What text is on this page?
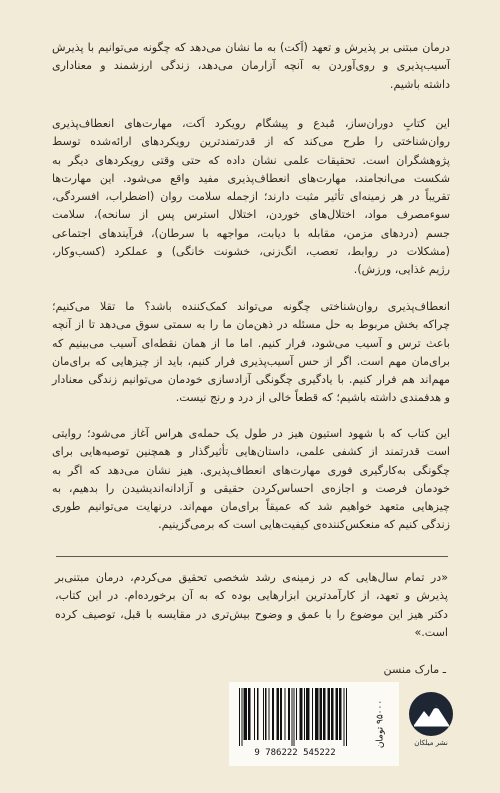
درمان مبتنی بر پذیرش و تعهد (اَکت) به ما نشان می‌دهد که چگونه می‌توانیم با پذیرش
آسیب‌پذیری و روی‌آوردن به آنچه آزارمان می‌دهد، زندگی ارزشمند و معناداری
داشته باشیم.
این کتابِ دوران‌ساز، مُبدع و پیشگام رویکرد اَکت، مهارت‌های انعطاف‌پذیری
روان‌شناختی را طرح می‌کند که از قدرتمندترین رویکردهای ارائه‌شده توسط
پژوهشگران است. تحقیقات علمی نشان داده که حتی وقتی رویکردهای دیگر به
شکست می‌انجامند، مهارت‌های انعطاف‌پذیری مفید واقع می‌شود. این مهارت‌ها
تقریباً در هر زمینه‌ای تأثیر مثبت دارند؛ ازجمله سلامت روان (اضطراب، افسردگی،
سوءمصرف مواد، اختلال‌های خوردن، اختلال استرس پس از سانحه)، سلامت
جسم (دردهای مزمن، مقابله با دیابت، مواجهه با سرطان)، فرآیندهای اجتماعی
(مشکلات در روابط، تعصب، انگ‌زنی، خشونت خانگی) و عملکرد (کسب‌وکار،
رژیم غذایی، ورزش).
انعطاف‌پذیری روان‌شناختی چگونه می‌تواند کمک‌کننده باشد؟ ما تقلا می‌کنیم؛
چراکه بخش مربوط به حل مسئله در ذهن‌مان ما را به سمتی سوق می‌دهد تا از آنچه
باعث ترس و آسیب می‌شود، فرار کنیم. اما ما از همان نقطه‌ای آسیب می‌بینیم که
برای‌مان مهم است. اگر از حس آسیب‌پذیری فرار کنیم، باید از چیزهایی که برای‌مان
مهم‌اند هم فرار کنیم. با یادگیری چگونگی آزادسازی خودمان می‌توانیم زندگی معنادار
و هدفمندی داشته باشیم؛ که قطعاً خالی از درد و رنج نیست.
این کتاب که با شهود استیون هیز در طول یک حمله‌ی هراس آغاز می‌شود؛ روایتی
است قدرتمند از کشفی علمی، داستان‌هایی تأثیرگذار و همچنین توصیه‌هایی برای
چگونگی به‌کارگیری فوری مهارت‌های انعطاف‌پذیری. هیز نشان می‌دهد که اگر به
خودمان فرصت و اجازه‌ی احساس‌کردن حقیقی و آزادانه‌اندیشیدن را بدهیم، به
چیزهایی متعهد خواهیم شد که عمیقاً برای‌مان مهم‌اند. درنهایت می‌توانیم طوری
زندگی کنیم که منعکس‌کننده‌ی کیفیت‌هایی است که برمی‌گزینیم.
«در تمام سال‌هایی که در زمینه‌ی رشد شخصی تحقیق می‌کردم، درمان مبتنی‌بر
پذیرش و تعهد، از کارآمدترین ابزارهایی بوده که به آن برخورده‌ام. در این کتاب،
دکتر هیز این موضوع را با عمق و وضوح بیش‌تری در مقایسه با قبل، توصیف کرده
است.»
ـ مارک منسن
9 786222 545222
۹۵۰۰۰ تومان
نشر میلکان
